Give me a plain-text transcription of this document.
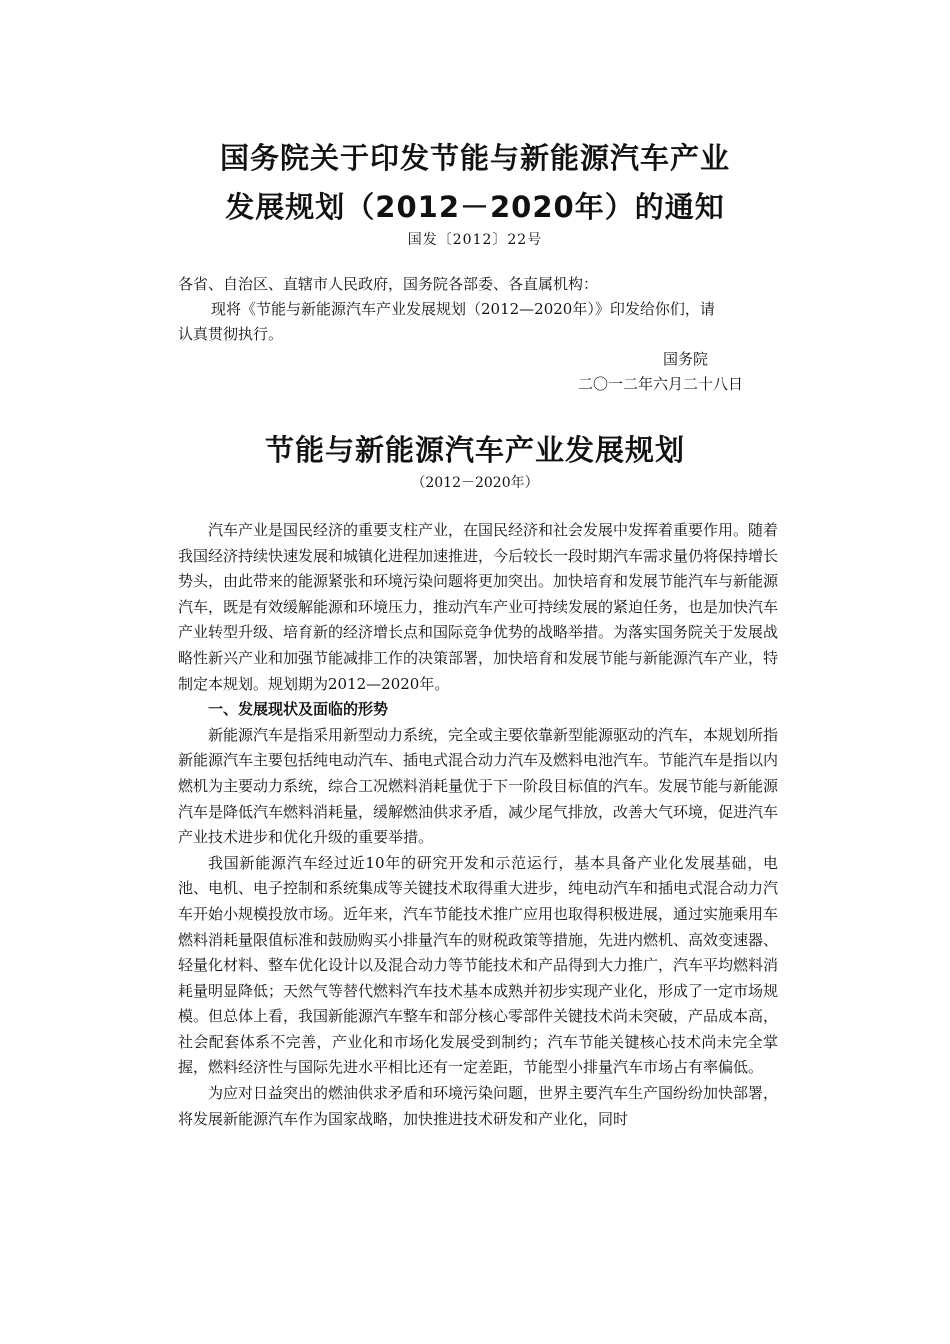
国务院关于印发节能与新能源汽车产业
发展规划（2012－2020年）的通知
国发〔2012〕22号
各省、自治区、直辖市人民政府，国务院各部委、各直属机构：
现将《节能与新能源汽车产业发展规划（2012—2020年）》印发给你们，请
认真贯彻执行。
国务院
二〇一二年六月二十八日
节能与新能源汽车产业发展规划
（2012－2020年）

汽车产业是国民经济的重要支柱产业，在国民经济和社会发展中发挥着重要作用。随着我国经济持续快速发展和城镇化进程加速推进，今后较长一段时期汽车需求量仍将保持增长势头，由此带来的能源紧张和环境污染问题将更加突出。加快培育和发展节能汽车与新能源汽车，既是有效缓解能源和环境压力，推动汽车产业可持续发展的紧迫任务，也是加快汽车产业转型升级、培育新的经济增长点和国际竞争优势的战略举措。为落实国务院关于发展战略性新兴产业和加强节能减排工作的决策部署，加快培育和发展节能与新能源汽车产业，特制定本规划。规划期为2012—2020年。

一、发展现状及面临的形势

新能源汽车是指采用新型动力系统，完全或主要依靠新型能源驱动的汽车，本规划所指新能源汽车主要包括纯电动汽车、插电式混合动力汽车及燃料电池汽车。节能汽车是指以内燃机为主要动力系统，综合工况燃料消耗量优于下一阶段目标值的汽车。发展节能与新能源汽车是降低汽车燃料消耗量，缓解燃油供求矛盾，减少尾气排放，改善大气环境，促进汽车产业技术进步和优化升级的重要举措。

我国新能源汽车经过近10年的研究开发和示范运行，基本具备产业化发展基础，电池、电机、电子控制和系统集成等关键技术取得重大进步，纯电动汽车和插电式混合动力汽车开始小规模投放市场。近年来，汽车节能技术推广应用也取得积极进展，通过实施乘用车燃料消耗量限值标准和鼓励购买小排量汽车的财税政策等措施，先进内燃机、高效变速器、轻量化材料、整车优化设计以及混合动力等节能技术和产品得到大力推广，汽车平均燃料消耗量明显降低；天然气等替代燃料汽车技术基本成熟并初步实现产业化，形成了一定市场规模。但总体上看，我国新能源汽车整车和部分核心零部件关键技术尚未突破，产品成本高，社会配套体系不完善，产业化和市场化发展受到制约；汽车节能关键核心技术尚未完全掌握，燃料经济性与国际先进水平相比还有一定差距，节能型小排量汽车市场占有率偏低。

为应对日益突出的燃油供求矛盾和环境污染问题，世界主要汽车生产国纷纷加快部署，将发展新能源汽车作为国家战略，加快推进技术研发和产业化，同时
